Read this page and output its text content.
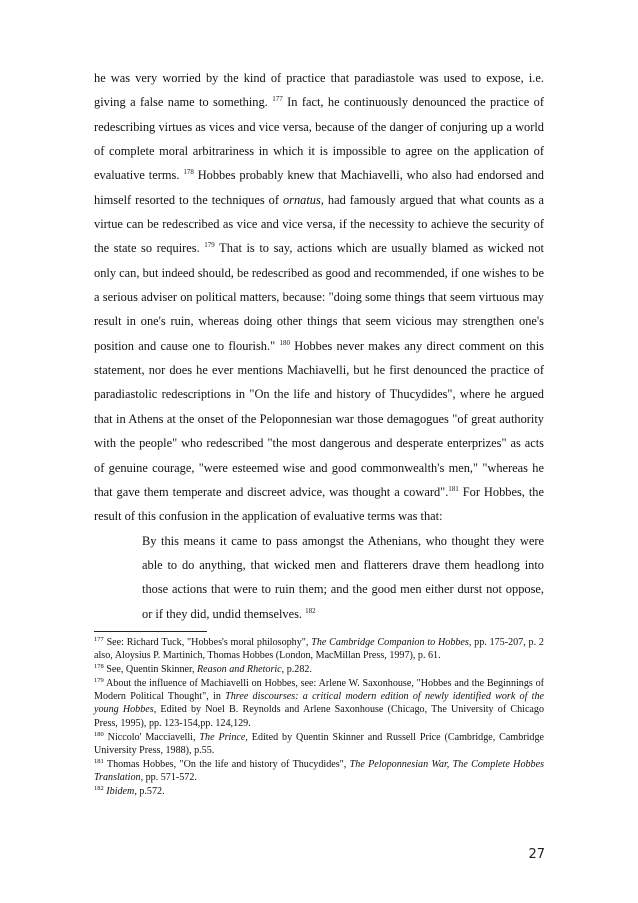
he was very worried by the kind of practice that paradiastole was used to expose, i.e. giving a false name to something. $^{177}$ In fact, he continuously denounced the practice of redescribing virtues as vices and vice versa, because of the danger of conjuring up a world of complete moral arbitrariness in which it is impossible to agree on the application of evaluative terms. $^{178}$ Hobbes probably knew that Machiavelli, who also had endorsed and himself resorted to the techniques of ornatus, had famously argued that what counts as a virtue can be redescribed as vice and vice versa, if the necessity to achieve the security of the state so requires. $^{179}$ That is to say, actions which are usually blamed as wicked not only can, but indeed should, be redescribed as good and recommended, if one wishes to be a serious adviser on political matters, because: "doing some things that seem virtuous may result in one's ruin, whereas doing other things that seem vicious may strengthen one's position and cause one to flourish." $^{180}$ Hobbes never makes any direct comment on this statement, nor does he ever mentions Machiavelli, but he first denounced the practice of paradiastolic redescriptions in "On the life and history of Thucydides", where he argued that in Athens at the onset of the Peloponnesian war those demagogues "of great authority with the people" who redescribed "the most dangerous and desperate enterprizes" as acts of genuine courage, "were esteemed wise and good commonwealth's men," "whereas he that gave them temperate and discreet advice, was thought a coward".$^{181}$ For Hobbes, the result of this confusion in the application of evaluative terms was that:

By this means it came to pass amongst the Athenians, who thought they were able to do anything, that wicked men and flatterers drave them headlong into those actions that were to ruin them; and the good men either durst not oppose, or if they did, undid themselves. $^{182}$

$^{177}$ See: Richard Tuck, "Hobbes's moral philosophy", The Cambridge Companion to Hobbes, pp. 175-207, p. 2 also, Aloysius P. Martinich, Thomas Hobbes (London, MacMillan Press, 1997), p. 61.
$^{178}$ See, Quentin Skinner, Reason and Rhetoric, p.282.
$^{179}$ About the influence of Machiavelli on Hobbes, see: Arlene W. Saxonhouse, "Hobbes and the Beginnings of Modern Political Thought", in Three discourses: a critical modern edition of newly identified work of the young Hobbes, Edited by Noel B. Reynolds and Arlene Saxonhouse (Chicago, The University of Chicago Press, 1995), pp. 123-154,pp. 124,129.
$^{180}$ Niccolo' Macciavelli, The Prince, Edited by Quentin Skinner and Russell Price (Cambridge, Cambridge University Press, 1988), p.55.
$^{181}$ Thomas Hobbes, "On the life and history of Thucydides", The Peloponnesian War, The Complete Hobbes Translation, pp. 571-572.
$^{182}$ Ibidem, p.572.
27
